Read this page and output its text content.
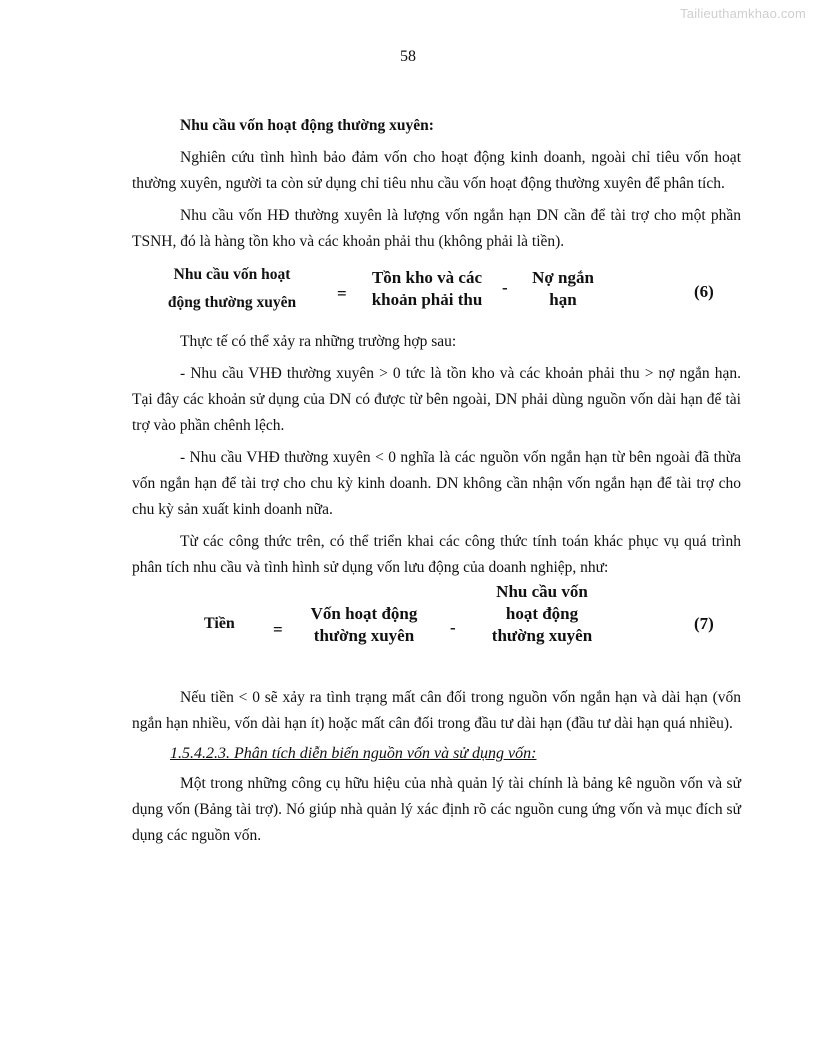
Tailieuthamkhao.com
58

Nhu cầu vốn hoạt động thường xuyên:

Nghiên cứu tình hình bảo đảm vốn cho hoạt động kinh doanh, ngoài chỉ tiêu vốn hoạt thường xuyên, người ta còn sử dụng chỉ tiêu nhu cầu vốn hoạt động thường xuyên để phân tích.

Nhu cầu vốn HĐ thường xuyên là lượng vốn ngắn hạn DN cần để tài trợ cho một phần TSNH, đó là hàng tồn kho và các khoản phải thu (không phải là tiền).

Nhu cầu vốn hoạt
động thường xuyên	=
Tồn kho và các
khoản phải thu
-
Nợ ngắn
hạn	(6)

Thực tế có thể xảy ra những trường hợp sau:

- Nhu cầu VHĐ thường xuyên > 0 tức là tồn kho và các khoản phải thu > nợ ngắn hạn. Tại đây các khoản sử dụng của DN có được từ bên ngoài, DN phải dùng nguồn vốn dài hạn để tài trợ vào phần chênh lệch.

- Nhu cầu VHĐ thường xuyên < 0 nghĩa là các nguồn vốn ngắn hạn từ bên ngoài đã thừa vốn ngắn hạn để tài trợ cho chu kỳ kinh doanh. DN không cần nhận vốn ngắn hạn để tài trợ cho chu kỳ sản xuất kinh doanh nữa.

Từ các công thức trên, có thể triển khai các công thức tính toán khác phục vụ quá trình phân tích nhu cầu và tình hình sử dụng vốn lưu động của doanh nghiệp, như:

Tiền =
Vốn hoạt động
thường xuyên	-
Nhu cầu vốn
hoạt động
thường xuyên
(7)

Nếu tiền < 0 sẽ xảy ra tình trạng mất cân đối trong nguồn vốn ngắn hạn và dài hạn (vốn ngắn hạn nhiều, vốn dài hạn ít) hoặc mất cân đối trong đầu tư dài hạn (đầu tư dài hạn quá nhiều).

1.5.4.2.3. Phân tích diễn biến nguồn vốn và sử dụng vốn:

Một trong những công cụ hữu hiệu của nhà quản lý tài chính là bảng kê nguồn vốn và sử dụng vốn (Bảng tài trợ). Nó giúp nhà quản lý xác định rõ các nguồn cung ứng vốn và mục đích sử dụng các nguồn vốn.
